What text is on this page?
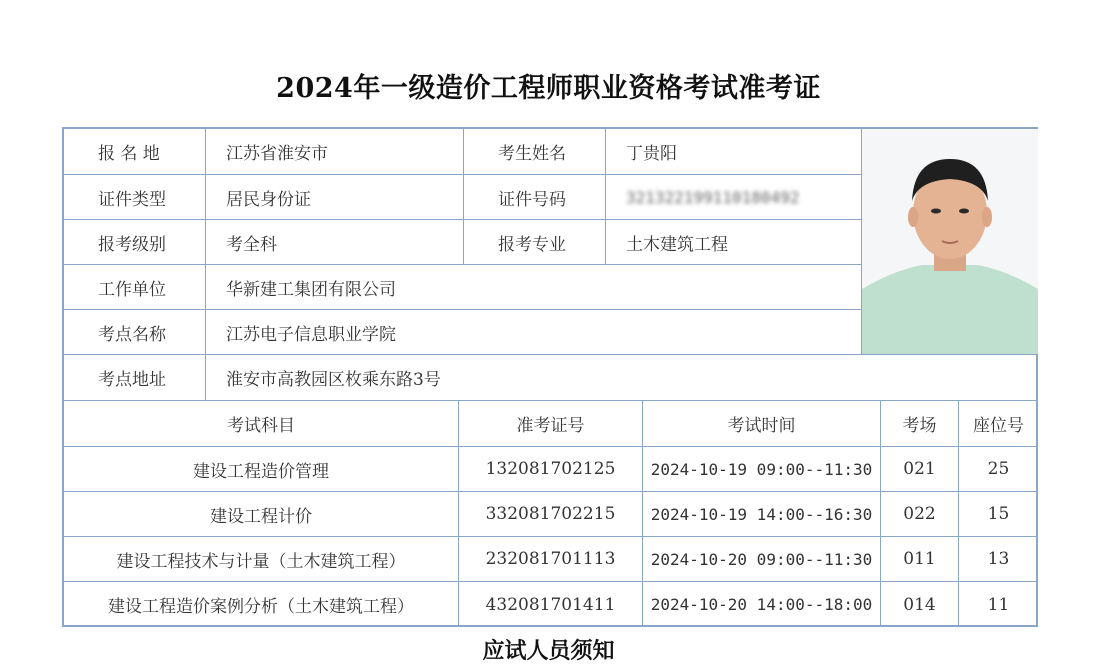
2024年一级造价工程师职业资格考试准考证
报 名 地	江苏省淮安市	考生姓名	丁贵阳
证件类型	居民身份证	证件号码	321322199110180492
报考级别	考全科	报考专业	土木建筑工程
工作单位	华新建工集团有限公司
考点名称	江苏电子信息职业学院
考点地址	淮安市高教园区枚乘东路3号
考试科目	准考证号	考试时间	考场	座位号
建设工程造价管理	132081702125	2024-10-19 09:00--11:30	021	25
建设工程计价	332081702215	2024-10-19 14:00--16:30	022	15
建设工程技术与计量（土木建筑工程）	232081701113	2024-10-20 09:00--11:30	011	13
建设工程造价案例分析（土木建筑工程）	432081701411	2024-10-20 14:00--18:00	014	11
应试人员须知
